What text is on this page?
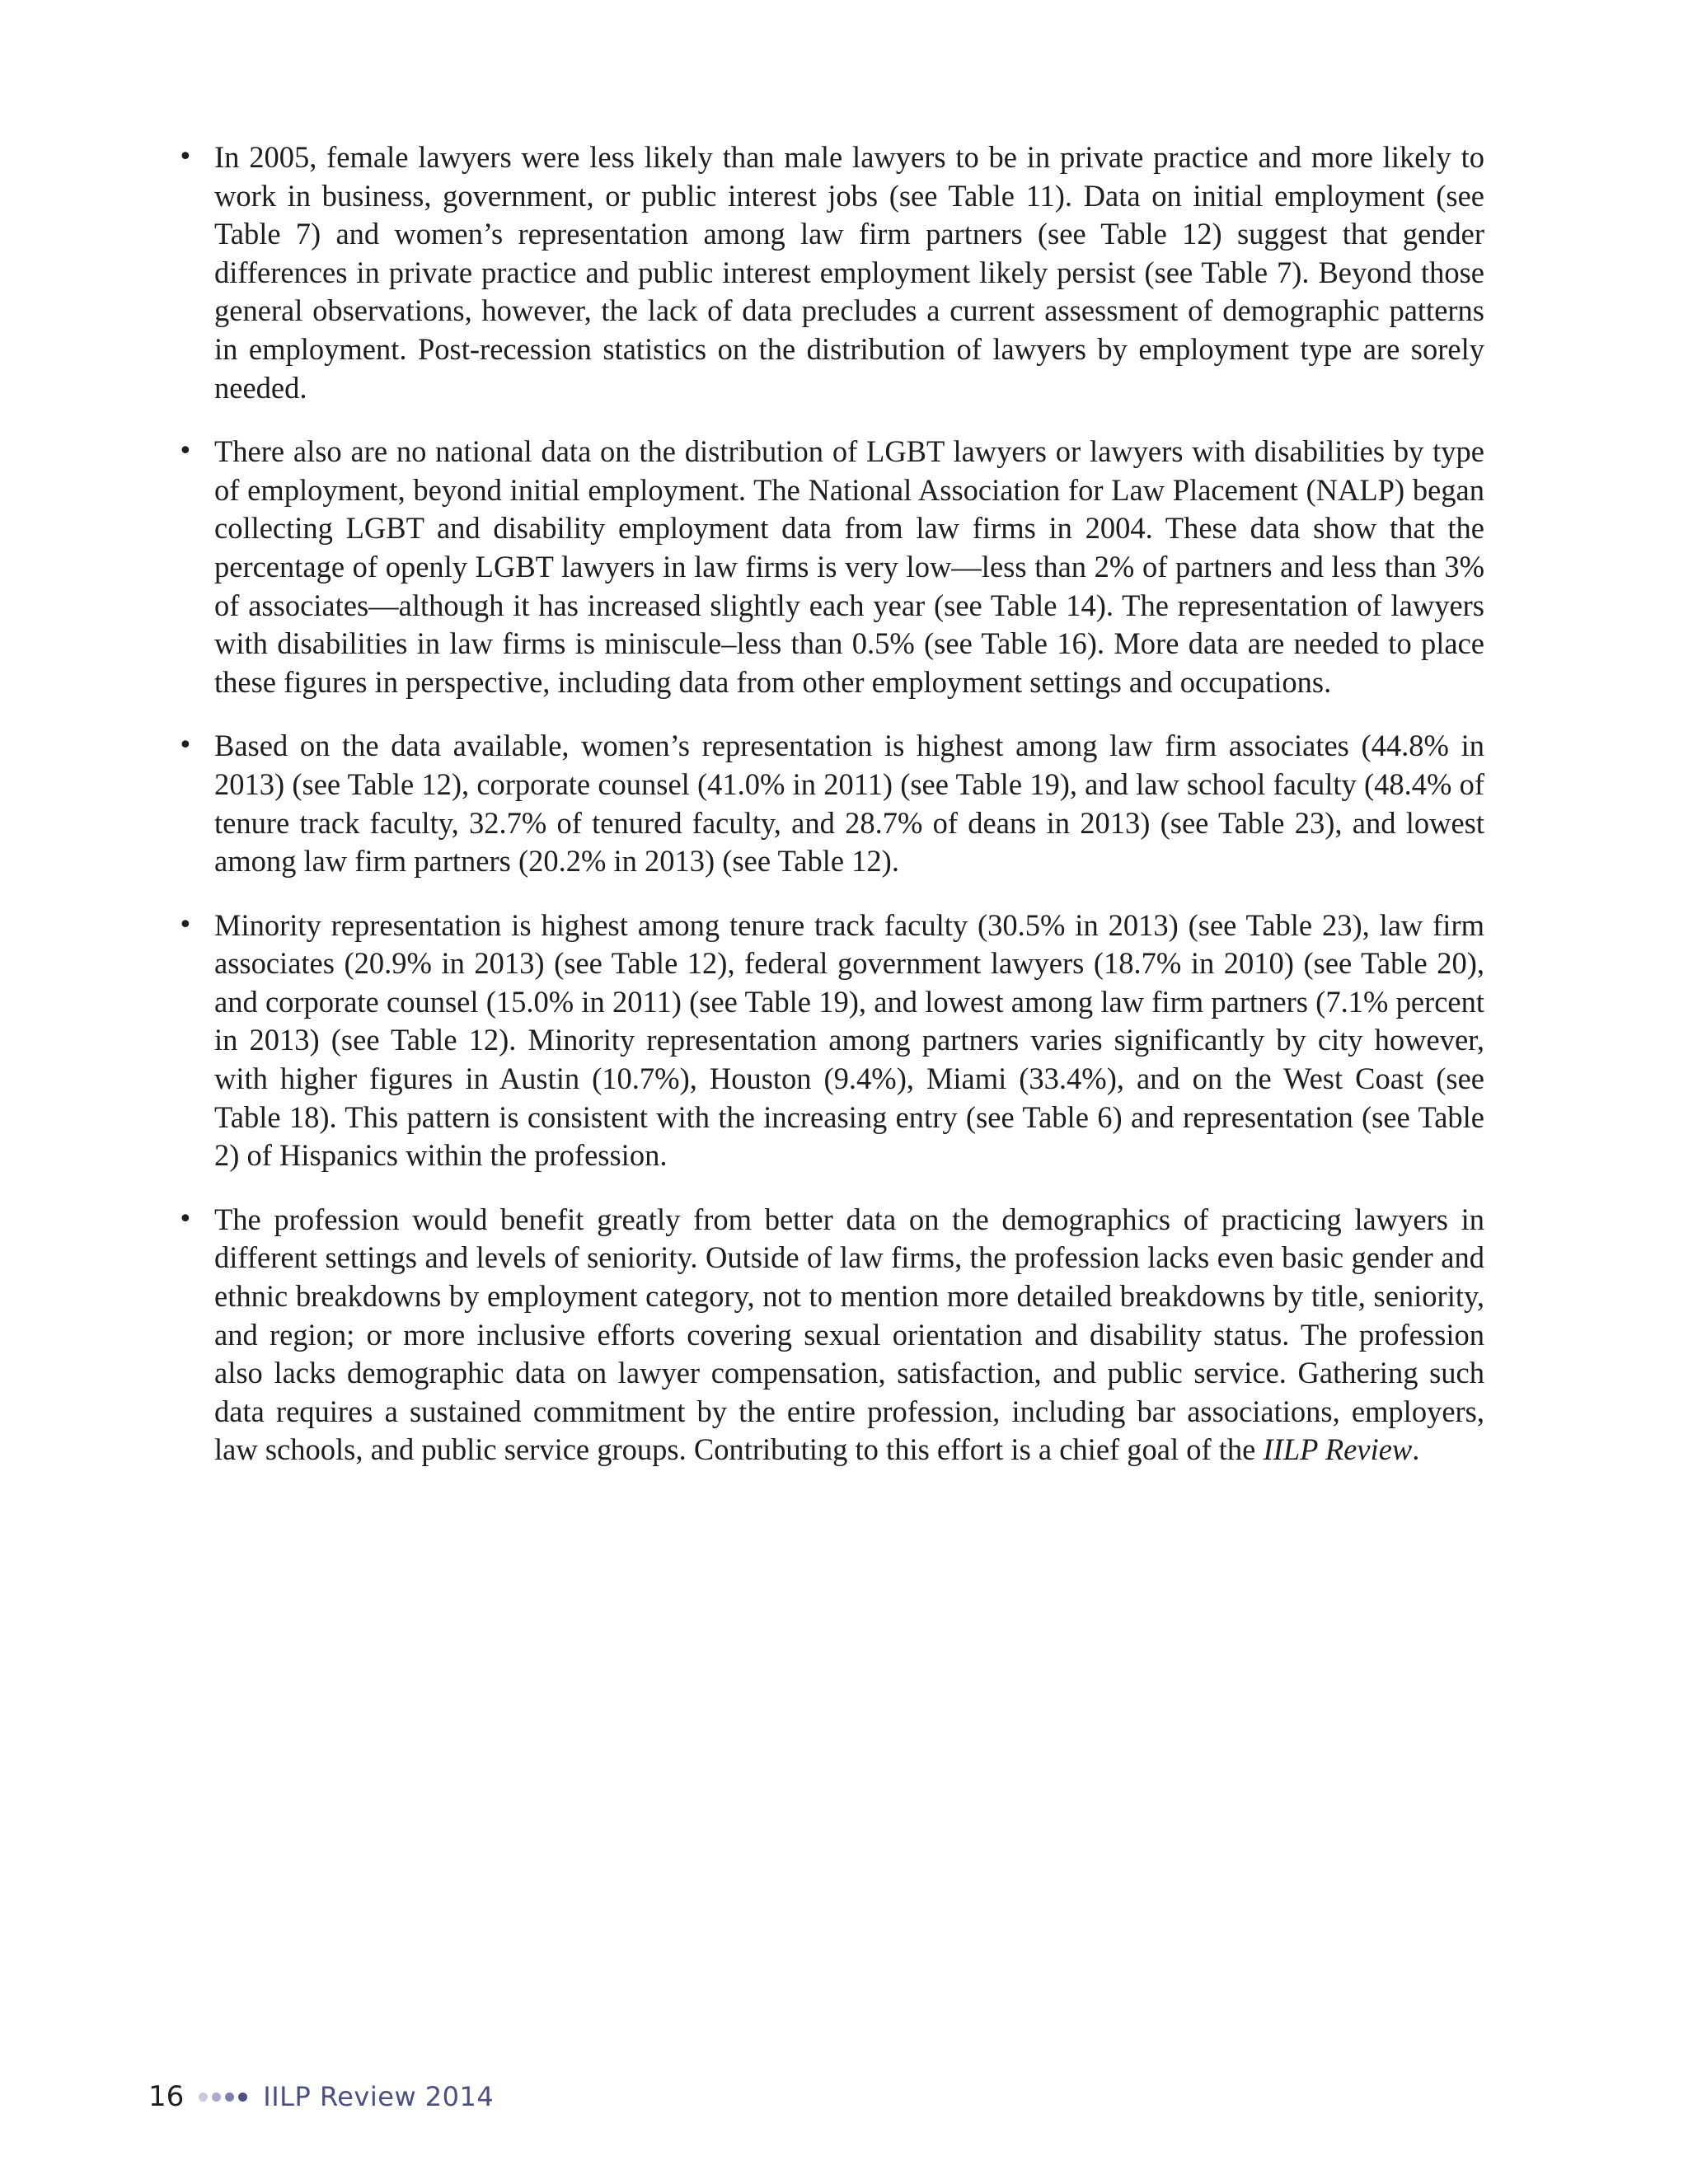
• In 2005, female lawyers were less likely than male lawyers to be in private practice and more likely to work in business, government, or public interest jobs (see Table 11). Data on initial employment (see Table 7) and women’s representation among law firm partners (see Table 12) suggest that gender differences in private practice and public interest employment likely persist (see Table 7). Beyond those general observations, however, the lack of data precludes a current assessment of demographic patterns in employment. Post-recession statistics on the distribution of lawyers by employment type are sorely needed.
• There also are no national data on the distribution of LGBT lawyers or lawyers with disabilities by type of employment, beyond initial employment. The National Association for Law Placement (NALP) began collecting LGBT and disability employment data from law firms in 2004. These data show that the percentage of openly LGBT lawyers in law firms is very low—less than 2% of partners and less than 3% of associates—although it has increased slightly each year (see Table 14). The representation of lawyers with disabilities in law firms is miniscule–less than 0.5% (see Table 16). More data are needed to place these figures in perspective, including data from other employment settings and occupations.
• Based on the data available, women’s representation is highest among law firm associates (44.8% in 2013) (see Table 12), corporate counsel (41.0% in 2011) (see Table 19), and law school faculty (48.4% of tenure track faculty, 32.7% of tenured faculty, and 28.7% of deans in 2013) (see Table 23), and lowest among law firm partners (20.2% in 2013) (see Table 12).
• Minority representation is highest among tenure track faculty (30.5% in 2013) (see Table 23), law firm associates (20.9% in 2013) (see Table 12), federal government lawyers (18.7% in 2010) (see Table 20), and corporate counsel (15.0% in 2011) (see Table 19), and lowest among law firm partners (7.1% percent in 2013) (see Table 12). Minority representation among partners varies significantly by city however, with higher figures in Austin (10.7%), Houston (9.4%), Miami (33.4%), and on the West Coast (see Table 18). This pattern is consistent with the increasing entry (see Table 6) and representation (see Table 2) of Hispanics within the profession.
• The profession would benefit greatly from better data on the demographics of practicing lawyers in different settings and levels of seniority. Outside of law firms, the profession lacks even basic gender and ethnic breakdowns by employment category, not to mention more detailed breakdowns by title, seniority, and region; or more inclusive efforts covering sexual orientation and disability status. The profession also lacks demographic data on lawyer compensation, satisfaction, and public service. Gathering such data requires a sustained commitment by the entire profession, including bar associations, employers, law schools, and public service groups. Contributing to this effort is a chief goal of the IILP Review.
16	IILP Review 2014
